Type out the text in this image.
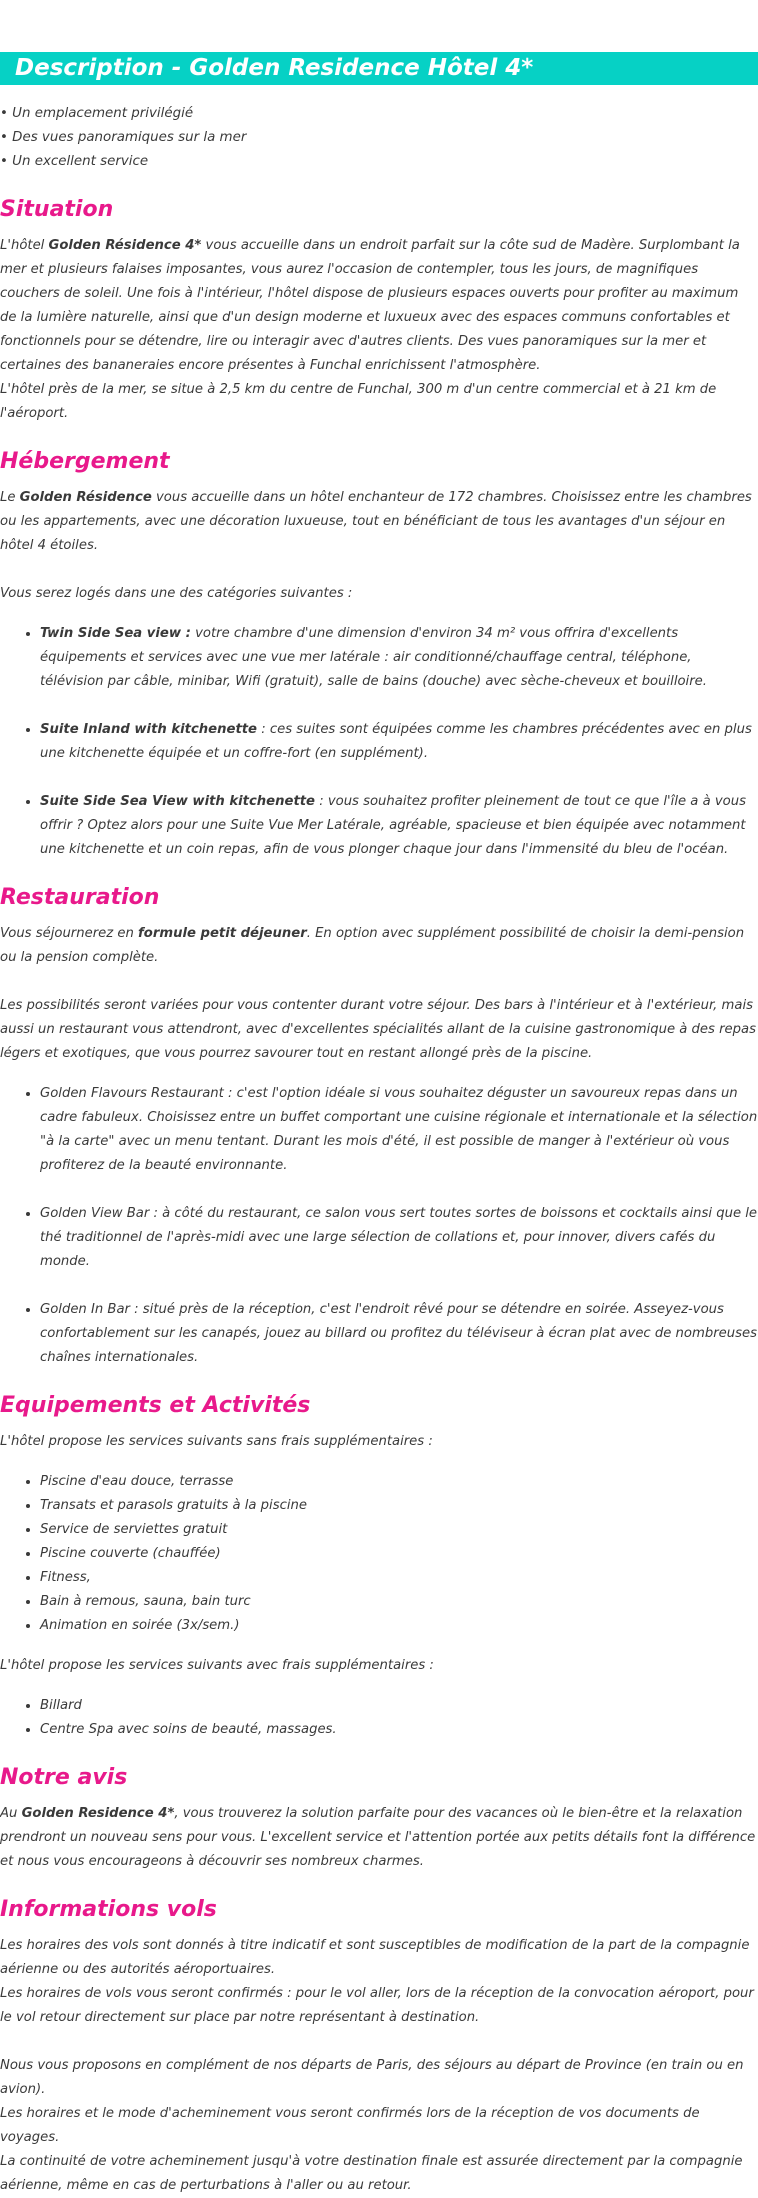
Description - Golden Residence Hôtel 4*
• Un emplacement privilégié
• Des vues panoramiques sur la mer
• Un excellent service
Situation

L'hôtel Golden Résidence 4* vous accueille dans un endroit parfait sur la côte sud de Madère. Surplombant la mer et plusieurs falaises imposantes, vous aurez l'occasion de contempler, tous les jours, de magnifiques couchers de soleil. Une fois à l'intérieur, l'hôtel dispose de plusieurs espaces ouverts pour profiter au maximum de la lumière naturelle, ainsi que d'un design moderne et luxueux avec des espaces communs confortables et fonctionnels pour se détendre, lire ou interagir avec d'autres clients. Des vues panoramiques sur la mer et certaines des bananeraies encore présentes à Funchal enrichissent l'atmosphère.

L'hôtel près de la mer, se situe à 2,5 km du centre de Funchal, 300 m d'un centre commercial et à 21 km de l'aéroport.

Hébergement

Le Golden Résidence vous accueille dans un hôtel enchanteur de 172 chambres. Choisissez entre les chambres ou les appartements, avec une décoration luxueuse, tout en bénéficiant de tous les avantages d'un séjour en hôtel 4 étoiles.

Vous serez logés dans une des catégories suivantes :

• Twin Side Sea view : votre chambre d'une dimension d'environ 34 m² vous offrira d'excellents équipements et services avec une vue mer latérale : air conditionné/chauffage central, téléphone, télévision par câble, minibar, Wifi (gratuit), salle de bains (douche) avec sèche-cheveux et bouilloire.
• Suite Inland with kitchenette : ces suites sont équipées comme les chambres précédentes avec en plus une kitchenette équipée et un coffre-fort (en supplément).
• Suite Side Sea View with kitchenette : vous souhaitez profiter pleinement de tout ce que l'île a à vous offrir ? Optez alors pour une Suite Vue Mer Latérale, agréable, spacieuse et bien équipée avec notamment une kitchenette et un coin repas, afin de vous plonger chaque jour dans l'immensité du bleu de l'océan.
Restauration

Vous séjournerez en formule petit déjeuner. En option avec supplément possibilité de choisir la demi-pension ou la pension complète.

Les possibilités seront variées pour vous contenter durant votre séjour. Des bars à l'intérieur et à l'extérieur, mais aussi un restaurant vous attendront, avec d'excellentes spécialités allant de la cuisine gastronomique à des repas légers et exotiques, que vous pourrez savourer tout en restant allongé près de la piscine.

• Golden Flavours Restaurant : c'est l'option idéale si vous souhaitez déguster un savoureux repas dans un cadre fabuleux. Choisissez entre un buffet comportant une cuisine régionale et internationale et la sélection "à la carte" avec un menu tentant. Durant les mois d'été, il est possible de manger à l'extérieur où vous profiterez de la beauté environnante.
• Golden View Bar : à côté du restaurant, ce salon vous sert toutes sortes de boissons et cocktails ainsi que le thé traditionnel de l'après-midi avec une large sélection de collations et, pour innover, divers cafés du monde.
• Golden In Bar : situé près de la réception, c'est l'endroit rêvé pour se détendre en soirée. Asseyez-vous confortablement sur les canapés, jouez au billard ou profitez du téléviseur à écran plat avec de nombreuses chaînes internationales.
Equipements et Activités

L'hôtel propose les services suivants sans frais supplémentaires :

• Piscine d'eau douce, terrasse
• Transats et parasols gratuits à la piscine
• Service de serviettes gratuit
• Piscine couverte (chauffée)
• Fitness,
• Bain à remous, sauna, bain turc
• Animation en soirée (3x/sem.)

L'hôtel propose les services suivants avec frais supplémentaires :

• Billard
• Centre Spa avec soins de beauté, massages.
Notre avis

Au Golden Residence 4*, vous trouverez la solution parfaite pour des vacances où le bien-être et la relaxation prendront un nouveau sens pour vous. L'excellent service et l'attention portée aux petits détails font la différence et nous vous encourageons à découvrir ses nombreux charmes.

Informations vols

Les horaires des vols sont donnés à titre indicatif et sont susceptibles de modification de la part de la compagnie aérienne ou des autorités aéroportuaires.

Les horaires de vols vous seront confirmés : pour le vol aller, lors de la réception de la convocation aéroport, pour le vol retour directement sur place par notre représentant à destination.

Nous vous proposons en complément de nos départs de Paris, des séjours au départ de Province (en train ou en avion).

Les horaires et le mode d'acheminement vous seront confirmés lors de la réception de vos documents de voyages.

La continuité de votre acheminement jusqu'à votre destination finale est assurée directement par la compagnie aérienne, même en cas de perturbations à l'aller ou au retour.
